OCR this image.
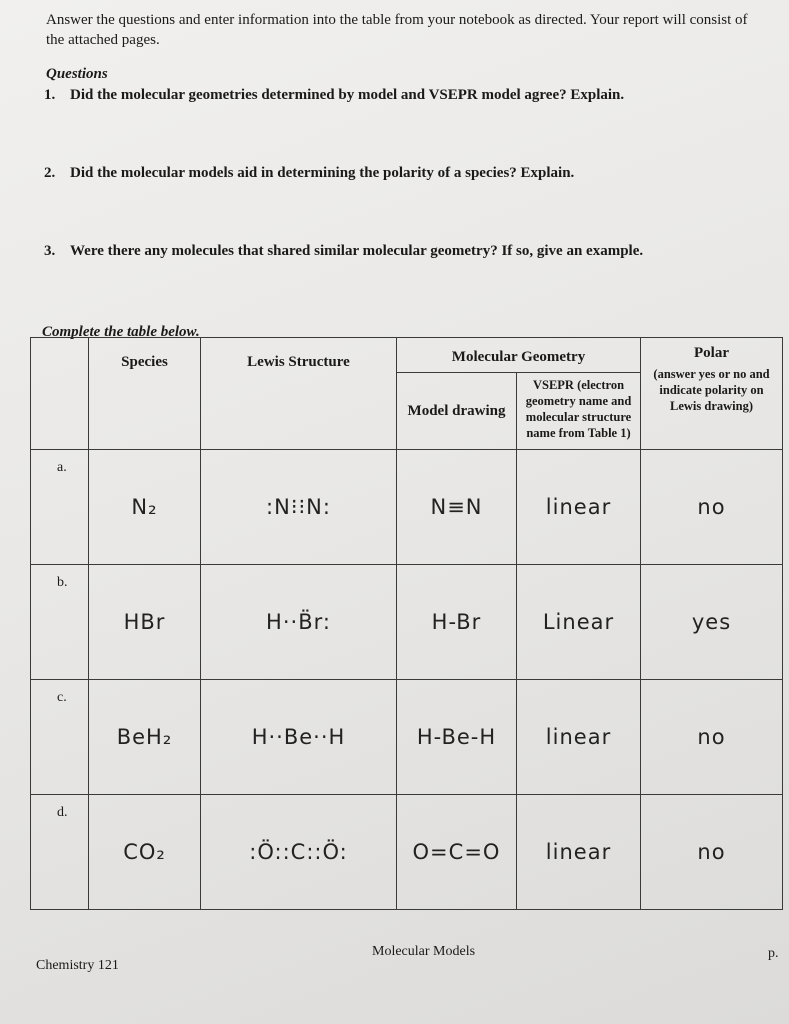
Answer the questions and enter information into the table from your notebook as directed. Your report will consist of the attached pages.
Questions
1. Did the molecular geometries determined by model and VSEPR model agree? Explain.
2. Did the molecular models aid in determining the polarity of a species? Explain.
3. Were there any molecules that shared similar molecular geometry? If so, give an example.
Complete the table below.
	Species	Lewis Structure	Molecular Geometry		Polar
(answer yes or no and indicate polarity on Lewis drawing)

			Model drawing	VSEPR (electron geometry name and molecular structure name from Table 1)	
a.	N₂	:N⁝⁝N:	N≡N	linear	no
b.	HBr	H··B̈r:	H-Br	Linear	yes
c.	BeH₂	H··Be··H	H-Be-H	linear	no
d.	CO₂	:Ö::C::Ö:	O=C=O	linear	no
Chemistry 121
Molecular Models	p.
